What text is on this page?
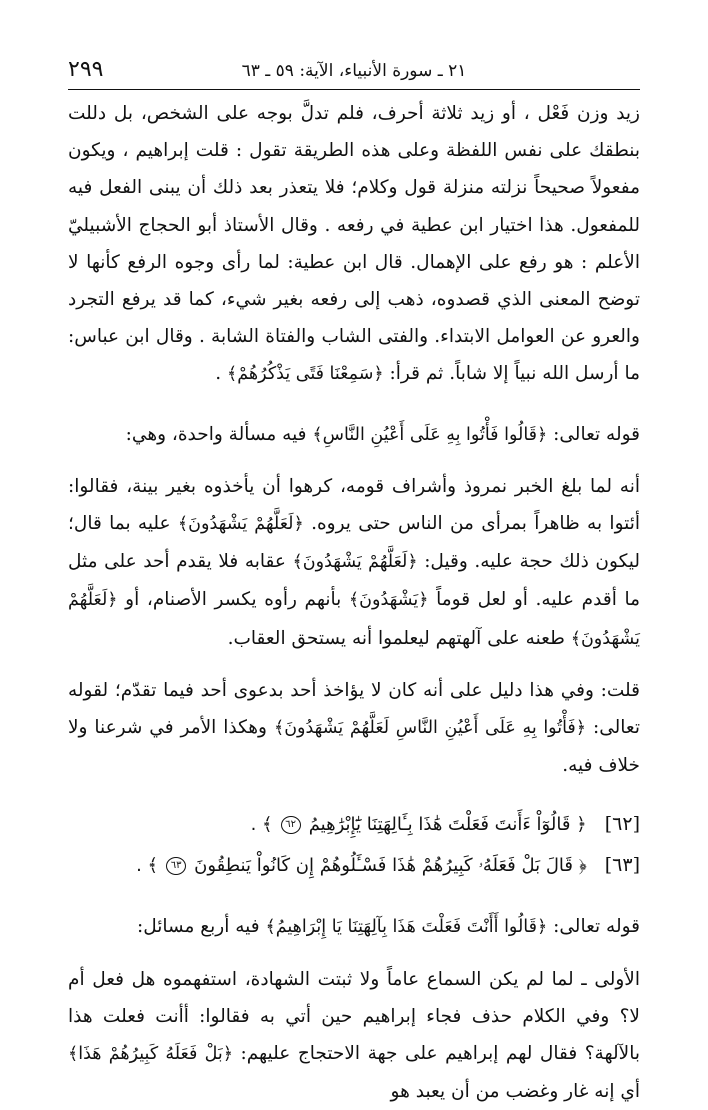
٢٩٩	٢١ ـ سورة الأنبياء، الآية: ٥٩ ـ ٦٣

زيد وزن فَعْل ، أو زيد ثلاثة أحرف، فلم تدلَّ بوجه على الشخص، بل دللت بنطقك على نفس اللفظة وعلى هذه الطريقة تقول : قلت إبراهيم ، ويكون مفعولاً صحيحاً نزلته منزلة قول وكلام؛ فلا يتعذر بعد ذلك أن يبنى الفعل فيه للمفعول. هذا اختيار ابن عطية في رفعه . وقال الأستاذ أبو الحجاج الأشبيليّ الأعلم : هو رفع على الإهمال. قال ابن عطية: لما رأى وجوه الرفع كأنها لا توضح المعنى الذي قصدوه، ذهب إلى رفعه بغير شيء، كما قد يرفع التجرد والعرو عن العوامل الابتداء. والفتى الشاب والفتاة الشابة . وقال ابن عباس: ما أرسل الله نبياً إلا شاباً. ثم قرأ: ﴿سَمِعْنَا فَتًى يَذْكُرُهُمْ﴾ .

قوله تعالى: ﴿قَالُوا فَأْتُوا بِهِ عَلَى أَعْيُنِ النَّاسِ﴾ فيه مسألة واحدة، وهي:

أنه لما بلغ الخبر نمروذ وأشراف قومه، كرهوا أن يأخذوه بغير بينة، فقالوا: أئتوا به ظاهراً بمرأى من الناس حتى يروه. ﴿لَعَلَّهُمْ يَشْهَدُونَ﴾ عليه بما قال؛ ليكون ذلك حجة عليه. وقيل: ﴿لَعَلَّهُمْ يَشْهَدُونَ﴾ عقابه فلا يقدم أحد على مثل ما أقدم عليه. أو لعل قوماً ﴿يَشْهَدُونَ﴾ بأنهم رأوه يكسر الأصنام، أو ﴿لَعَلَّهُمْ يَشْهَدُونَ﴾ طعنه على آلهتهم ليعلموا أنه يستحق العقاب.

قلت: وفي هذا دليل على أنه كان لا يؤاخذ أحد بدعوى أحد فيما تقدّم؛ لقوله تعالى: ﴿فَأْتُوا بِهِ عَلَى أَعْيُنِ النَّاسِ لَعَلَّهُمْ يَشْهَدُونَ﴾ وهكذا الأمر في شرعنا ولا خلاف فيه.

[٦٢] ﴿ قَالُوٓاْ ءَأَنتَ فَعَلْتَ هَٰذَا بِـَٔالِهَتِنَا يَٰٓإِبْرَٰهِيمُ ٦٢ ﴾ .
[٦٣] ﴿ قَالَ بَلْ فَعَلَهُۥ كَبِيرُهُمْ هَٰذَا فَسْـَٔلُوهُمْ إِن كَانُواْ يَنطِقُونَ ٦٣ ﴾ .

قوله تعالى: ﴿قَالُوا أَأَنْتَ فَعَلْتَ هَذَا بِآلِهَتِنَا يَا إِبْرَاهِيمُ﴾ فيه أربع مسائل:

الأولى ـ لما لم يكن السماع عاماً ولا ثبتت الشهادة، استفهموه هل فعل أم لا؟ وفي الكلام حذف فجاء إبراهيم حين أتي به فقالوا: أأنت فعلت هذا بالآلهة؟ فقال لهم إبراهيم على جهة الاحتجاج عليهم: ﴿بَلْ فَعَلَهُ كَبِيرُهُمْ هَذَا﴾ أي إنه غار وغضب من أن يعبد هو
